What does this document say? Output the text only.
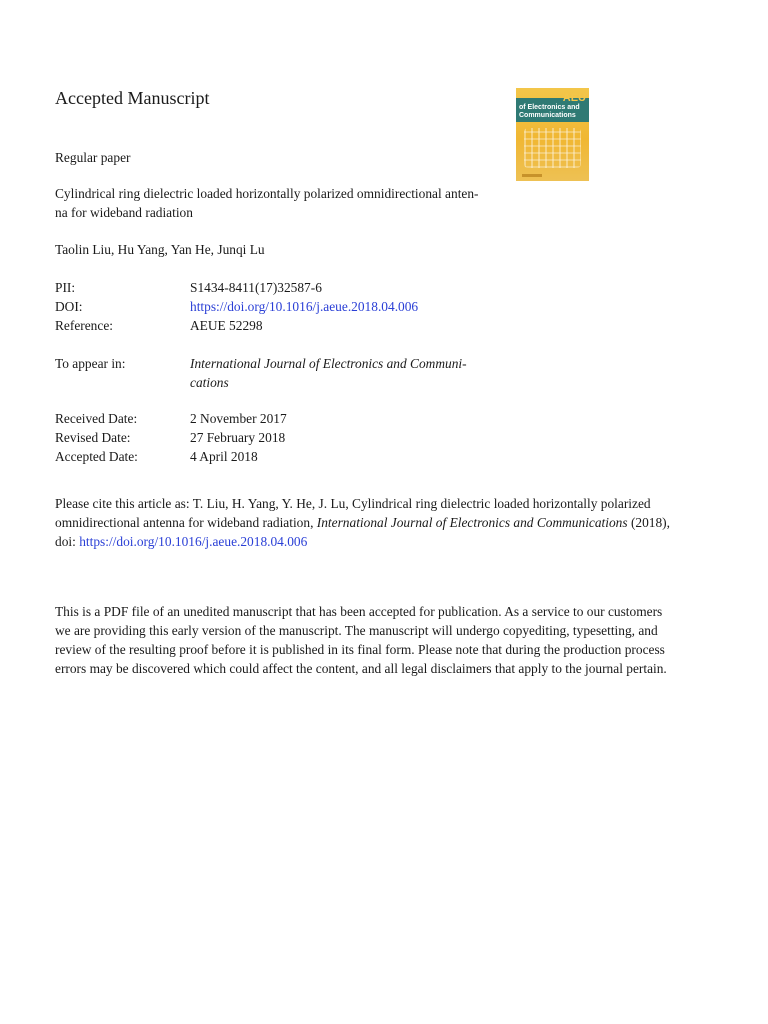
Accepted Manuscript	AEU
of Electronics and
Communications
Regular paper
Cylindrical ring dielectric loaded horizontally polarized omnidirectional anten-
na for wideband radiation
Taolin Liu, Hu Yang, Yan He, Junqi Lu
PII:	S1434-8411(17)32587-6
DOI:	https://doi.org/10.1016/j.aeue.2018.04.006
Reference:	AEUE 52298
To appear in:	International Journal of Electronics and Communi-
cations
Received Date:	2 November 2017
Revised Date:	27 February 2018
Accepted Date:	4 April 2018
Please cite this article as: T. Liu, H. Yang, Y. He, J. Lu, Cylindrical ring dielectric loaded horizontally polarized
omnidirectional antenna for wideband radiation, International Journal of Electronics and Communications (2018),
doi: https://doi.org/10.1016/j.aeue.2018.04.006
This is a PDF file of an unedited manuscript that has been accepted for publication. As a service to our customers
we are providing this early version of the manuscript. The manuscript will undergo copyediting, typesetting, and
review of the resulting proof before it is published in its final form. Please note that during the production process
errors may be discovered which could affect the content, and all legal disclaimers that apply to the journal pertain.
